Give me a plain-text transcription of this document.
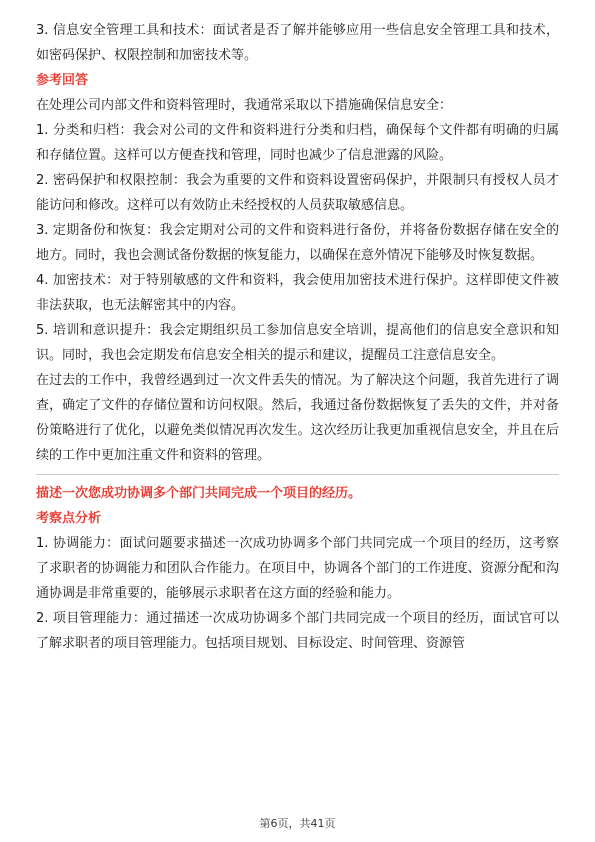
3. 信息安全管理工具和技术：面试者是否了解并能够应用一些信息安全管理工具和技术，如密码保护、权限控制和加密技术等。

参考回答

在处理公司内部文件和资料管理时，我通常采取以下措施确保信息安全：

1. 分类和归档：我会对公司的文件和资料进行分类和归档，确保每个文件都有明确的归属和存储位置。这样可以方便查找和管理，同时也减少了信息泄露的风险。

2. 密码保护和权限控制：我会为重要的文件和资料设置密码保护，并限制只有授权人员才能访问和修改。这样可以有效防止未经授权的人员获取敏感信息。

3. 定期备份和恢复：我会定期对公司的文件和资料进行备份，并将备份数据存储在安全的地方。同时，我也会测试备份数据的恢复能力，以确保在意外情况下能够及时恢复数据。

4. 加密技术：对于特别敏感的文件和资料，我会使用加密技术进行保护。这样即使文件被非法获取，也无法解密其中的内容。

5. 培训和意识提升：我会定期组织员工参加信息安全培训，提高他们的信息安全意识和知识。同时，我也会定期发布信息安全相关的提示和建议，提醒员工注意信息安全。

在过去的工作中，我曾经遇到过一次文件丢失的情况。为了解决这个问题，我首先进行了调查，确定了文件的存储位置和访问权限。然后，我通过备份数据恢复了丢失的文件，并对备份策略进行了优化，以避免类似情况再次发生。这次经历让我更加重视信息安全，并且在后续的工作中更加注重文件和资料的管理。

描述一次您成功协调多个部门共同完成一个项目的经历。
考察点分析

1. 协调能力：面试问题要求描述一次成功协调多个部门共同完成一个项目的经历，这考察了求职者的协调能力和团队合作能力。在项目中，协调各个部门的工作进度、资源分配和沟通协调是非常重要的，能够展示求职者在这方面的经验和能力。

2. 项目管理能力：通过描述一次成功协调多个部门共同完成一个项目的经历，面试官可以了解求职者的项目管理能力。包括项目规划、目标设定、时间管理、资源管

第6页，共41页
